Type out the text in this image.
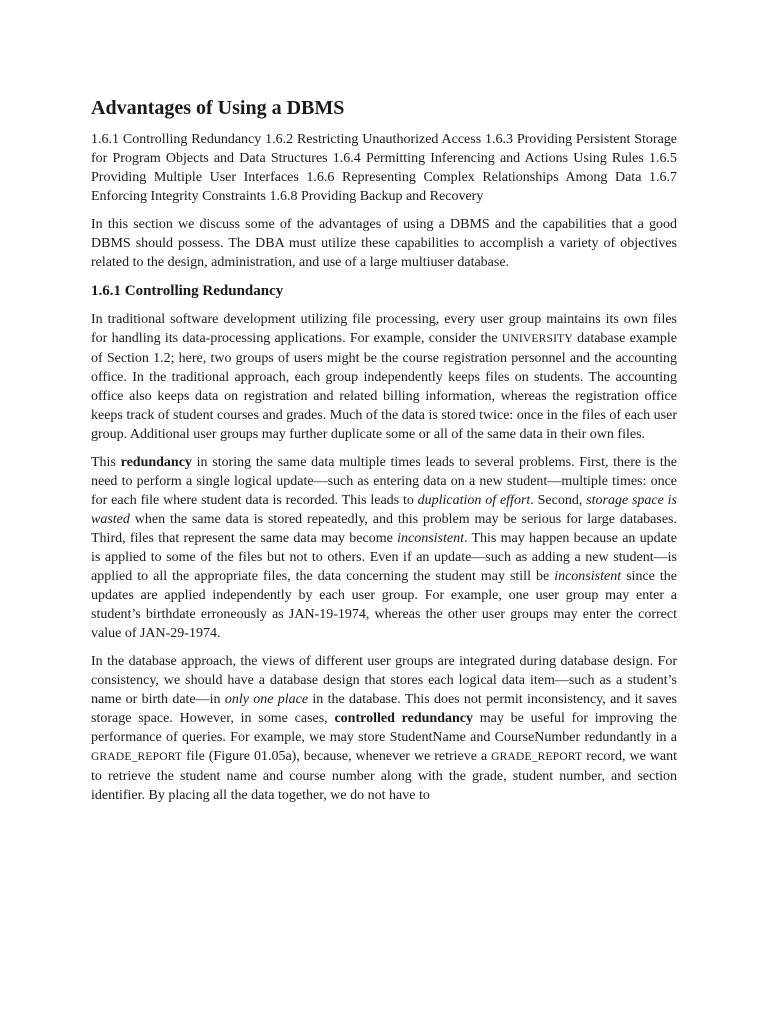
Advantages of Using a DBMS

1.6.1 Controlling Redundancy 1.6.2 Restricting Unauthorized Access 1.6.3 Providing Persistent Storage for Program Objects and Data Structures 1.6.4 Permitting Inferencing and Actions Using Rules 1.6.5 Providing Multiple User Interfaces 1.6.6 Representing Complex Relationships Among Data 1.6.7 Enforcing Integrity Constraints 1.6.8 Providing Backup and Recovery

In this section we discuss some of the advantages of using a DBMS and the capabilities that a good DBMS should possess. The DBA must utilize these capabilities to accomplish a variety of objectives related to the design, administration, and use of a large multiuser database.

1.6.1 Controlling Redundancy

In traditional software development utilizing file processing, every user group maintains its own files for handling its data-processing applications. For example, consider the UNIVERSITY database example of Section 1.2; here, two groups of users might be the course registration personnel and the accounting office. In the traditional approach, each group independently keeps files on students. The accounting office also keeps data on registration and related billing information, whereas the registration office keeps track of student courses and grades. Much of the data is stored twice: once in the files of each user group. Additional user groups may further duplicate some or all of the same data in their own files.

This redundancy in storing the same data multiple times leads to several problems. First, there is the need to perform a single logical update—such as entering data on a new student—multiple times: once for each file where student data is recorded. This leads to duplication of effort. Second, storage space is wasted when the same data is stored repeatedly, and this problem may be serious for large databases. Third, files that represent the same data may become inconsistent. This may happen because an update is applied to some of the files but not to others. Even if an update—such as adding a new student—is applied to all the appropriate files, the data concerning the student may still be inconsistent since the updates are applied independently by each user group. For example, one user group may enter a student’s birthdate erroneously as JAN-19-1974, whereas the other user groups may enter the correct value of JAN-29-1974.

In the database approach, the views of different user groups are integrated during database design. For consistency, we should have a database design that stores each logical data item—such as a student’s name or birth date—in only one place in the database. This does not permit inconsistency, and it saves storage space. However, in some cases, controlled redundancy may be useful for improving the performance of queries. For example, we may store StudentName and CourseNumber redundantly in a GRADE_REPORT file (Figure 01.05a), because, whenever we retrieve a GRADE_REPORT record, we want to retrieve the student name and course number along with the grade, student number, and section identifier. By placing all the data together, we do not have to
